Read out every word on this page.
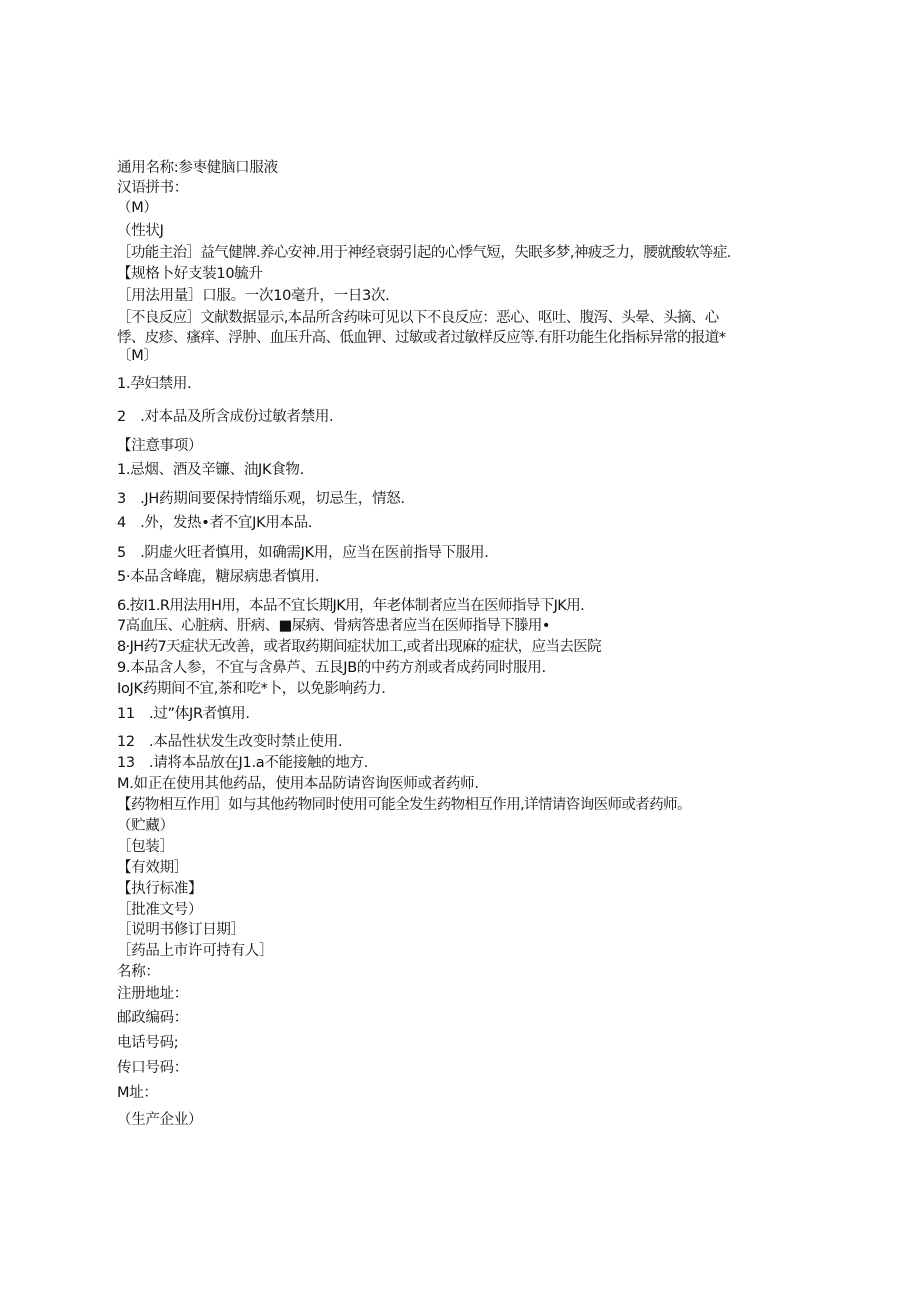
通用名称:参枣健脑口服液
汉语拼书：
（M）
（性状J
［功能主治］益气健牌.养心安神.用于神经衰弱引起的心悸气短，失眠多梦,神疲乏力，腰就酸软等症.
【规格卜好支装10毓升
［用法用量］口服。一次10毫升，一日3次.
［不良反应］文献数据显示,本品所含药味可见以下不良反应：恶心、呕吐、腹泻、头晕、头摘、心
悸、皮疹、瘙痒、浮肿、血压升高、低血钾、过敏或者过敏样反应等.有肝功能生化指标异常的报道*
〔M〕
1.孕妇禁用.
2　.对本品及所含成份过敏者禁用.
【注意事项）
1.忌烟、酒及辛镰、油JK食物.
3　.JH药期间要保持情缁乐观，切忌生，情怒.
4　.外，发热•者不宜JK用本品.
5　.阴虚火旺者慎用，如确需JK用，应当在医前指导下服用.
5·本品含峰鹿，糖尿病患者慎用.
6.按I1.R用法用H用，本品不宜长期JK用，年老体制者应当在医师指导下JK用.
7高血压、心脏病、肝病、■屎病、骨病答患者应当在医师指导下滕用•
8·JH药7天症状无改善，或者取药期间症状加工,或者出现麻的症状，应当去医院
9.本品含人参，不宜与含鼻芦、五艮JB的中药方剂或者成药同时服用.
IoJK药期间不宜,茶和吃*卜，以免影响药力.
11　.过”体JR者慎用.
12　.本品性状发生改变时禁止使用.
13　.请将本品放在J1.a不能接触的地方.
M.如正在使用其他药品，使用本品防请咨询医师或者药师.
【药物相互作用］如与其他药物同时使用可能全发生药物相互作用,详情请咨询医师或者药师。
（贮藏）
［包装］
【有效期］
【执行标准】
［批准文号）
［说明书修订日期］
［药品上市许可持有人］
名称：
注册地址：
邮政编码：
电话号码;
传口号码：
M址：
（生产企业）
